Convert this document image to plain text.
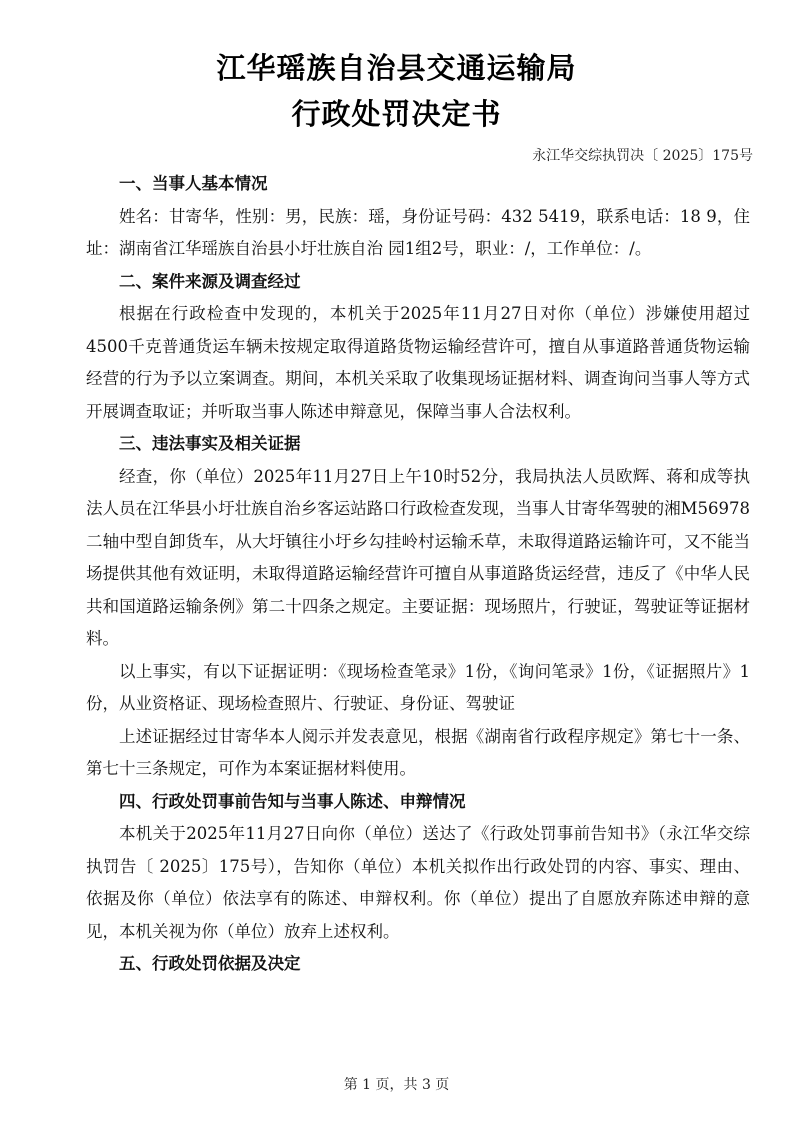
江华瑶族自治县交通运输局
行政处罚决定书
永江华交综执罚决〔 2025〕175号
一、当事人基本情况

姓名：甘寄华，性别：男，民族：瑶，身份证号码：432 5419，联系电话：18 9，住址：湖南省江华瑶族自治县小圩壮族自治 园1组2号，职业：/，工作单位：/。

二、案件来源及调查经过

根据在行政检查中发现的，本机关于2025年11月27日对你（单位）涉嫌使用超过4500千克普通货运车辆未按规定取得道路货物运输经营许可，擅自从事道路普通货物运输经营的行为予以立案调查。期间，本机关采取了收集现场证据材料、调查询问当事人等方式开展调查取证；并听取当事人陈述申辩意见，保障当事人合法权利。

三、违法事实及相关证据

经查，你（单位）2025年11月27日上午10时52分，我局执法人员欧辉、蒋和成等执法人员在江华县小圩壮族自治乡客运站路口行政检查发现，当事人甘寄华驾驶的湘M56978二轴中型自卸货车，从大圩镇往小圩乡勾挂岭村运输禾草，未取得道路运输许可，又不能当场提供其他有效证明，未取得道路运输经营许可擅自从事道路货运经营，违反了《中华人民共和国道路运输条例》第二十四条之规定。主要证据：现场照片，行驶证，驾驶证等证据材料。

以上事实，有以下证据证明：《现场检查笔录》1份，《询问笔录》1份，《证据照片》1份，从业资格证、现场检查照片、行驶证、身份证、驾驶证

上述证据经过甘寄华本人阅示并发表意见，根据《湖南省行政程序规定》第七十一条、第七十三条规定，可作为本案证据材料使用。

四、行政处罚事前告知与当事人陈述、申辩情况

本机关于2025年11月27日向你（单位）送达了《行政处罚事前告知书》（永江华交综执罚告〔 2025〕175号），告知你（单位）本机关拟作出行政处罚的内容、事实、理由、依据及你（单位）依法享有的陈述、申辩权利。你（单位）提出了自愿放弃陈述申辩的意见，本机关视为你（单位）放弃上述权利。

五、行政处罚依据及决定
第 1 页，共 3 页
